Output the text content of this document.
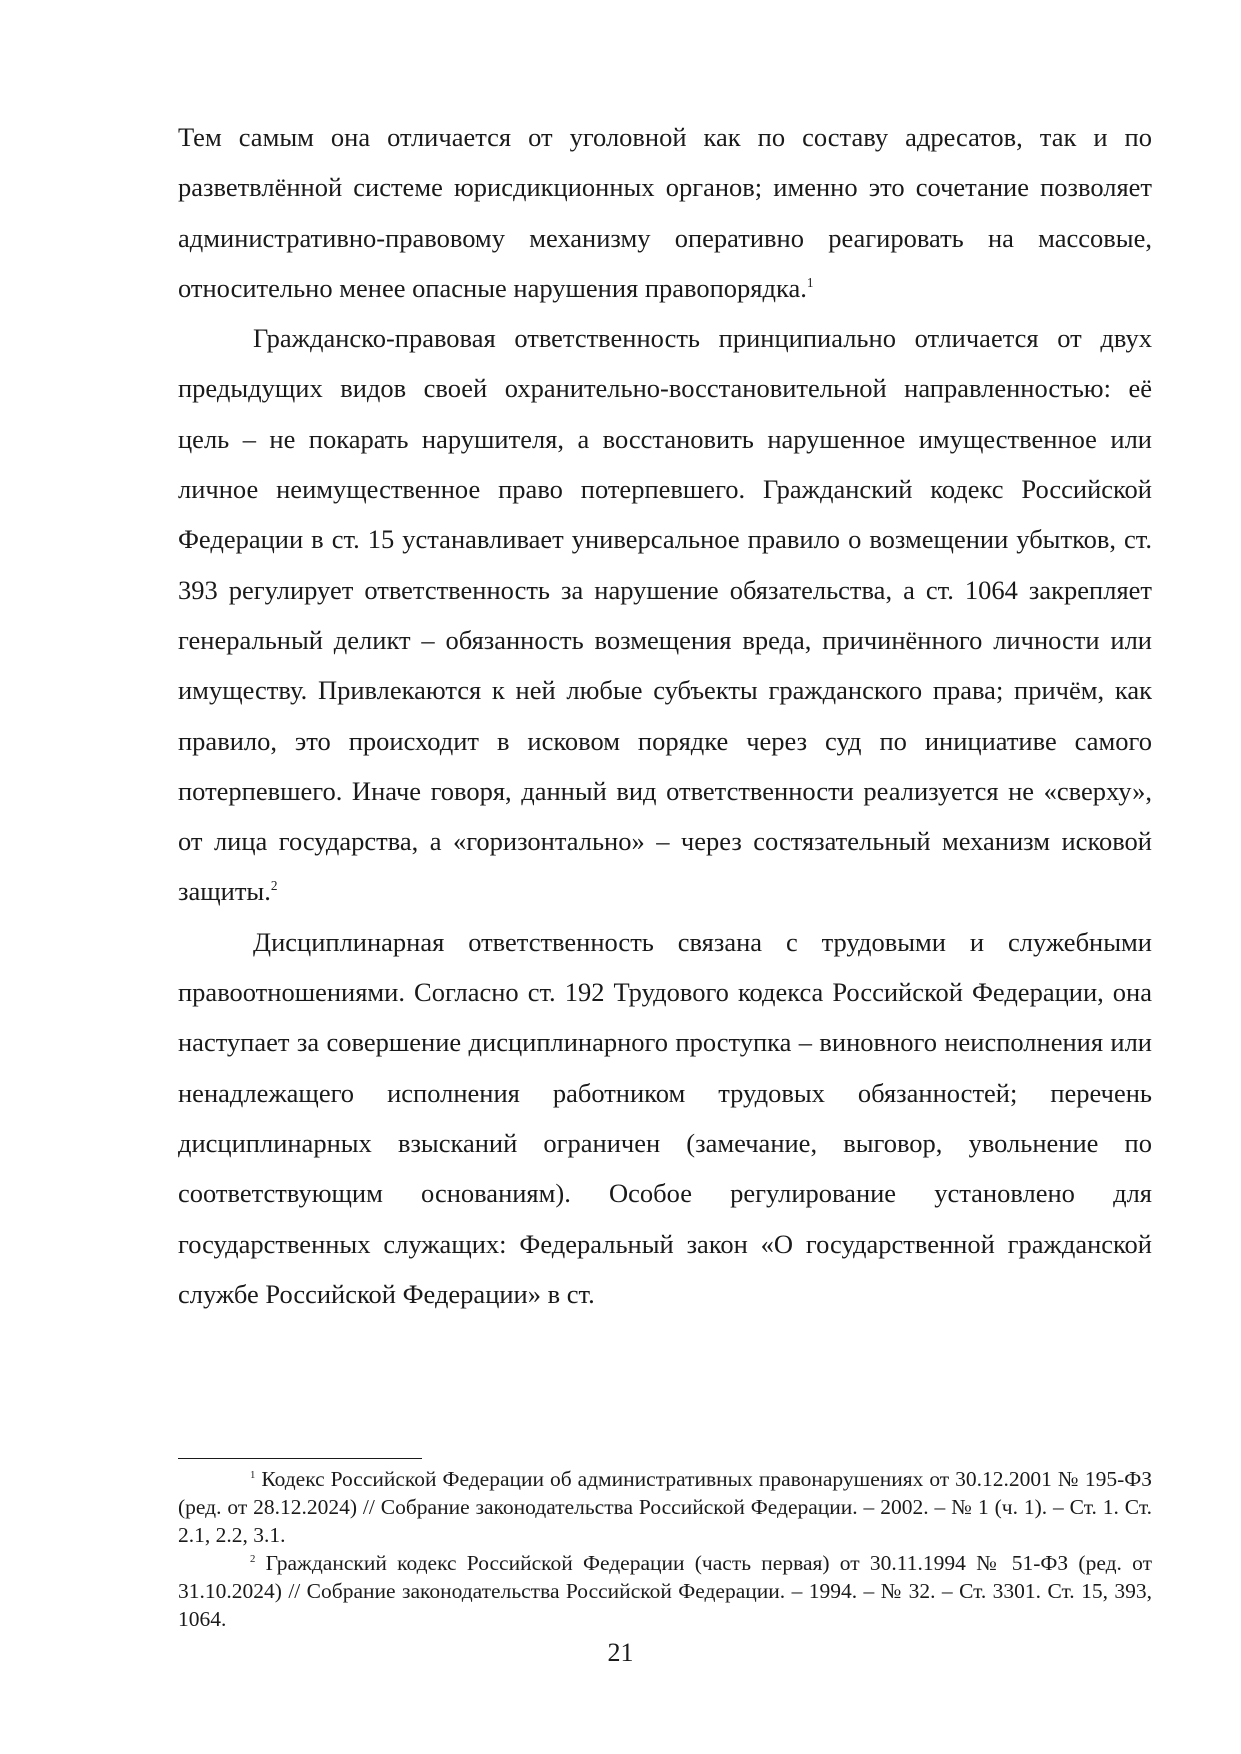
Тем самым она отличается от уголовной как по составу адресатов, так и по разветвлённой системе юрисдикционных органов; именно это сочетание позволяет административно-правовому механизму оперативно реагировать на массовые, относительно менее опасные нарушения правопорядка.$^1$

Гражданско-правовая ответственность принципиально отличается от двух предыдущих видов своей охранительно-восстановительной направленностью: её цель – не покарать нарушителя, а восстановить нарушенное имущественное или личное неимущественное право потерпевшего. Гражданский кодекс Российской Федерации в ст. 15 устанавливает универсальное правило о возмещении убытков, ст. 393 регулирует ответственность за нарушение обязательства, а ст. 1064 закрепляет генеральный деликт – обязанность возмещения вреда, причинённого личности или имуществу. Привлекаются к ней любые субъекты гражданского права; причём, как правило, это происходит в исковом порядке через суд по инициативе самого потерпевшего. Иначе говоря, данный вид ответственности реализуется не «сверху», от лица государства, а «горизонтально» – через состязательный механизм исковой защиты.$^2$

Дисциплинарная ответственность связана с трудовыми и служебными правоотношениями. Согласно ст. 192 Трудового кодекса Российской Федерации, она наступает за совершение дисциплинарного проступка – виновного неисполнения или ненадлежащего исполнения работником трудовых обязанностей; перечень дисциплинарных взысканий ограничен (замечание, выговор, увольнение по соответствующим основаниям). Особое регулирование установлено для государственных служащих: Федеральный закон «О государственной гражданской службе Российской Федерации» в ст.

$^1$ Кодекс Российской Федерации об административных правонарушениях от 30.12.2001 № 195-ФЗ (ред. от 28.12.2024) // Собрание законодательства Российской Федерации. – 2002. – № 1 (ч. 1). – Ст. 1. Ст. 2.1, 2.2, 3.1.

$^2$ Гражданский кодекс Российской Федерации (часть первая) от 30.11.1994 № 51-ФЗ (ред. от 31.10.2024) // Собрание законодательства Российской Федерации. – 1994. – № 32. – Ст. 3301. Ст. 15, 393, 1064.

21
